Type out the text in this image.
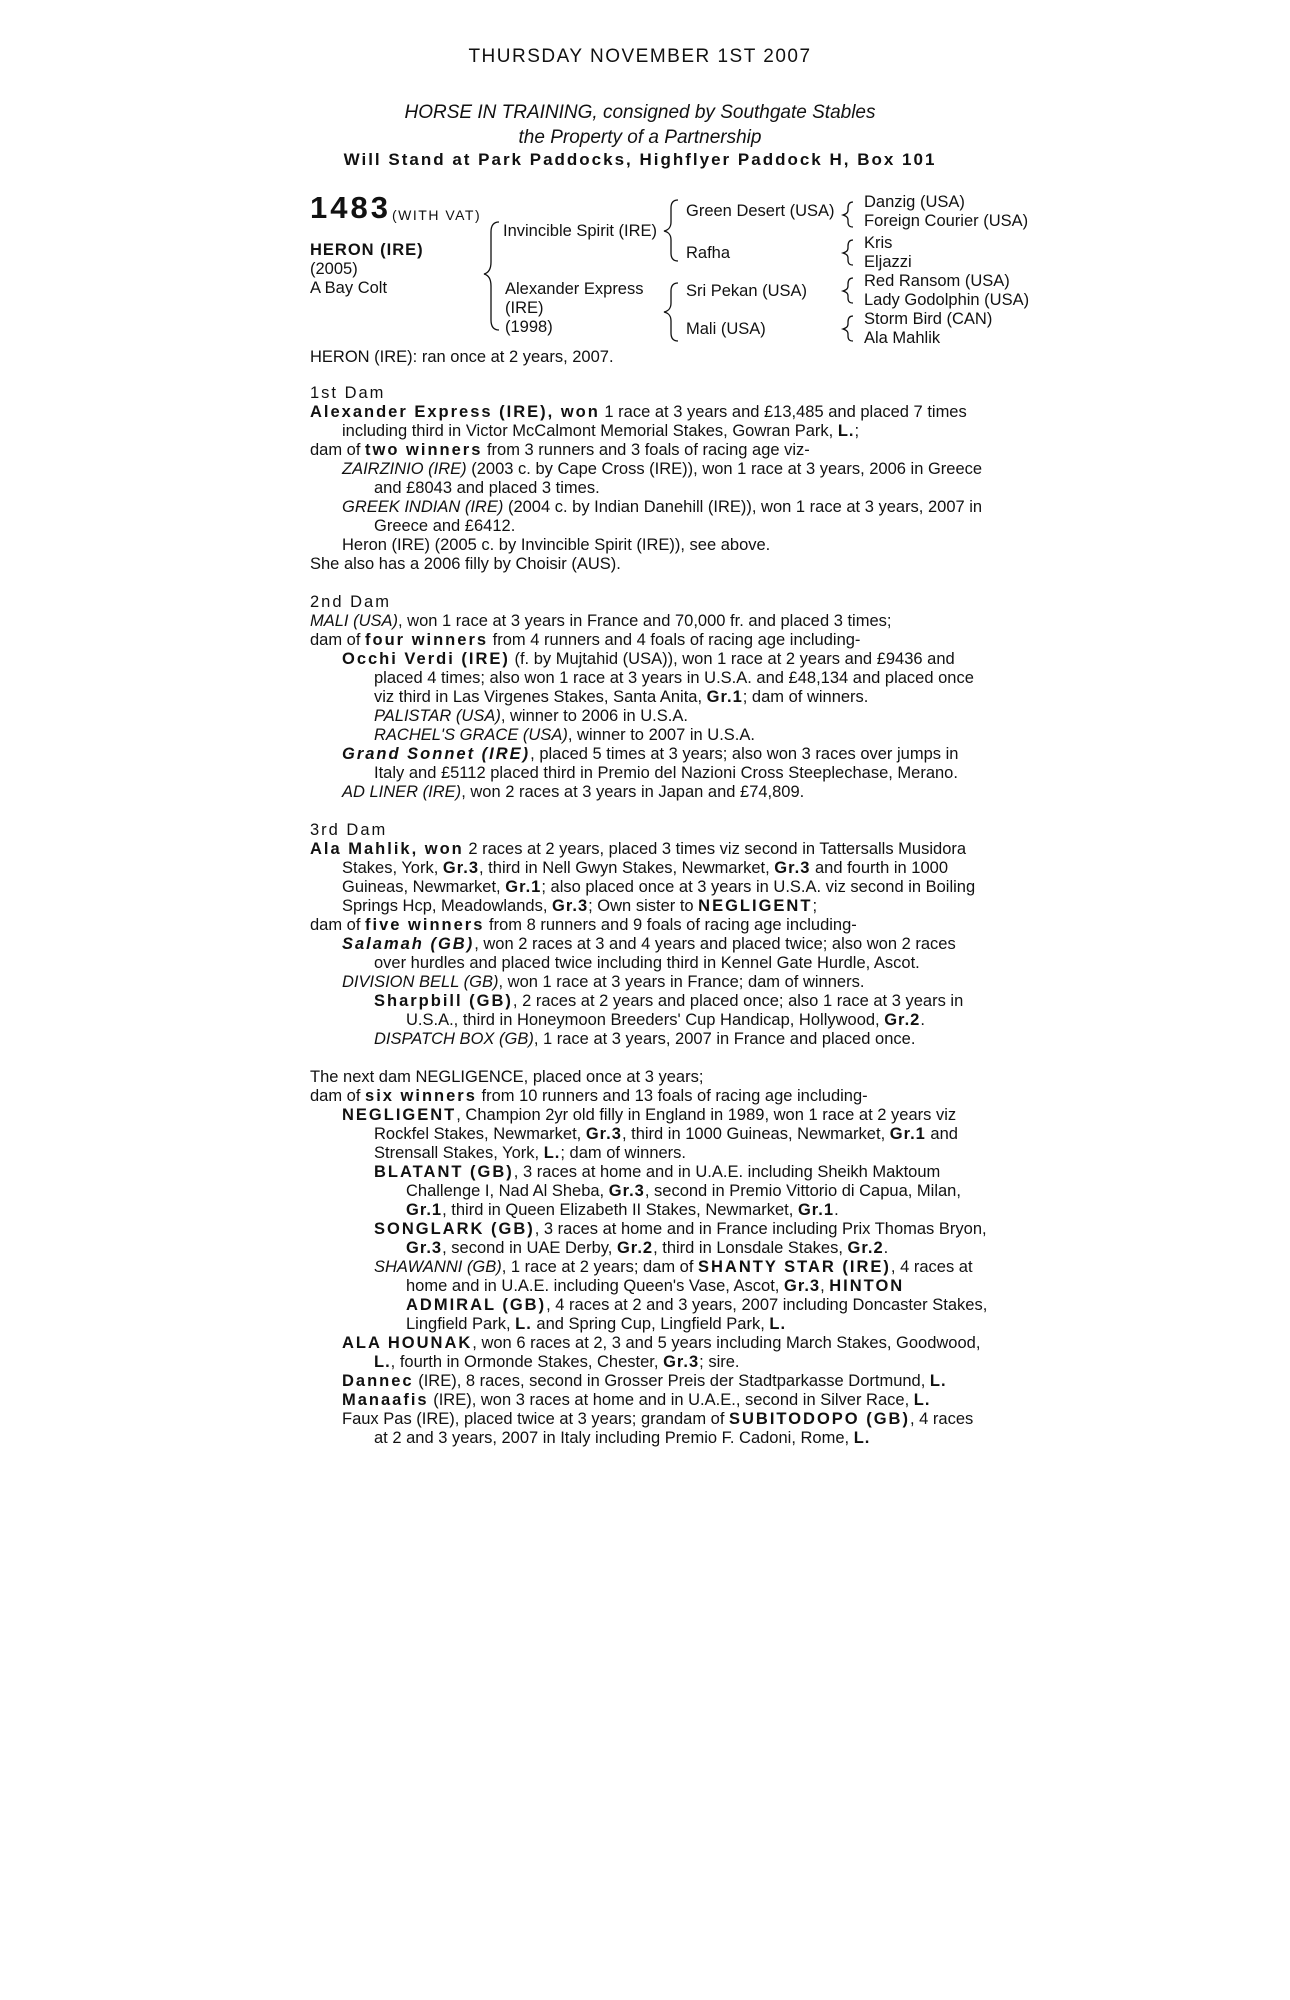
THURSDAY NOVEMBER 1ST 2007
HORSE IN TRAINING, consigned by Southgate Stables
the Property of a Partnership
Will Stand at Park Paddocks, Highflyer Paddock H, Box 101
1483 (WITH VAT)
HERON (IRE)
(2005)
A Bay Colt
Invincible Spirit (IRE)
Alexander Express
(IRE)
(1998)
Green Desert (USA)
Rafha
Sri Pekan (USA)
Mali (USA)
Danzig (USA)
Foreign Courier (USA)
Kris
Eljazzi
Red Ransom (USA)
Lady Godolphin (USA)
Storm Bird (CAN)
Ala Mahlik
HERON (IRE): ran once at 2 years, 2007.

1st Dam

Alexander Express (IRE), won 1 race at 3 years and £13,485 and placed 7 times including third in Victor McCalmont Memorial Stakes, Gowran Park, L.;

dam of two winners from 3 runners and 3 foals of racing age viz-

ZAIRZINIO (IRE) (2003 c. by Cape Cross (IRE)), won 1 race at 3 years, 2006 in Greece and £8043 and placed 3 times.

GREEK INDIAN (IRE) (2004 c. by Indian Danehill (IRE)), won 1 race at 3 years, 2007 in Greece and £6412.

Heron (IRE) (2005 c. by Invincible Spirit (IRE)), see above.

She also has a 2006 filly by Choisir (AUS).

2nd Dam

MALI (USA), won 1 race at 3 years in France and 70,000 fr. and placed 3 times;

dam of four winners from 4 runners and 4 foals of racing age including-

Occhi Verdi (IRE) (f. by Mujtahid (USA)), won 1 race at 2 years and £9436 and placed 4 times; also won 1 race at 3 years in U.S.A. and £48,134 and placed once viz third in Las Virgenes Stakes, Santa Anita, Gr.1; dam of winners.

PALISTAR (USA), winner to 2006 in U.S.A.

RACHEL'S GRACE (USA), winner to 2007 in U.S.A.

Grand Sonnet (IRE), placed 5 times at 3 years; also won 3 races over jumps in Italy and £5112 placed third in Premio del Nazioni Cross Steeplechase, Merano.

AD LINER (IRE), won 2 races at 3 years in Japan and £74,809.

3rd Dam

Ala Mahlik, won 2 races at 2 years, placed 3 times viz second in Tattersalls Musidora Stakes, York, Gr.3, third in Nell Gwyn Stakes, Newmarket, Gr.3 and fourth in 1000 Guineas, Newmarket, Gr.1; also placed once at 3 years in U.S.A. viz second in Boiling Springs Hcp, Meadowlands, Gr.3; Own sister to NEGLIGENT;

dam of five winners from 8 runners and 9 foals of racing age including-

Salamah (GB), won 2 races at 3 and 4 years and placed twice; also won 2 races over hurdles and placed twice including third in Kennel Gate Hurdle, Ascot.

DIVISION BELL (GB), won 1 race at 3 years in France; dam of winners.

Sharpbill (GB), 2 races at 2 years and placed once; also 1 race at 3 years in U.S.A., third in Honeymoon Breeders' Cup Handicap, Hollywood, Gr.2.

DISPATCH BOX (GB), 1 race at 3 years, 2007 in France and placed once.

The next dam NEGLIGENCE, placed once at 3 years;

dam of six winners from 10 runners and 13 foals of racing age including-

NEGLIGENT, Champion 2yr old filly in England in 1989, won 1 race at 2 years viz Rockfel Stakes, Newmarket, Gr.3, third in 1000 Guineas, Newmarket, Gr.1 and Strensall Stakes, York, L.; dam of winners.

BLATANT (GB), 3 races at home and in U.A.E. including Sheikh Maktoum Challenge I, Nad Al Sheba, Gr.3, second in Premio Vittorio di Capua, Milan, Gr.1, third in Queen Elizabeth II Stakes, Newmarket, Gr.1.

SONGLARK (GB), 3 races at home and in France including Prix Thomas Bryon, Gr.3, second in UAE Derby, Gr.2, third in Lonsdale Stakes, Gr.2.

SHAWANNI (GB), 1 race at 2 years; dam of SHANTY STAR (IRE), 4 races at home and in U.A.E. including Queen's Vase, Ascot, Gr.3, HINTON ADMIRAL (GB), 4 races at 2 and 3 years, 2007 including Doncaster Stakes, Lingfield Park, L. and Spring Cup, Lingfield Park, L.

ALA HOUNAK, won 6 races at 2, 3 and 5 years including March Stakes, Goodwood, L., fourth in Ormonde Stakes, Chester, Gr.3; sire.

Dannec (IRE), 8 races, second in Grosser Preis der Stadtparkasse Dortmund, L.

Manaafis (IRE), won 3 races at home and in U.A.E., second in Silver Race, L.

Faux Pas (IRE), placed twice at 3 years; grandam of SUBITODOPO (GB), 4 races at 2 and 3 years, 2007 in Italy including Premio F. Cadoni, Rome, L.
